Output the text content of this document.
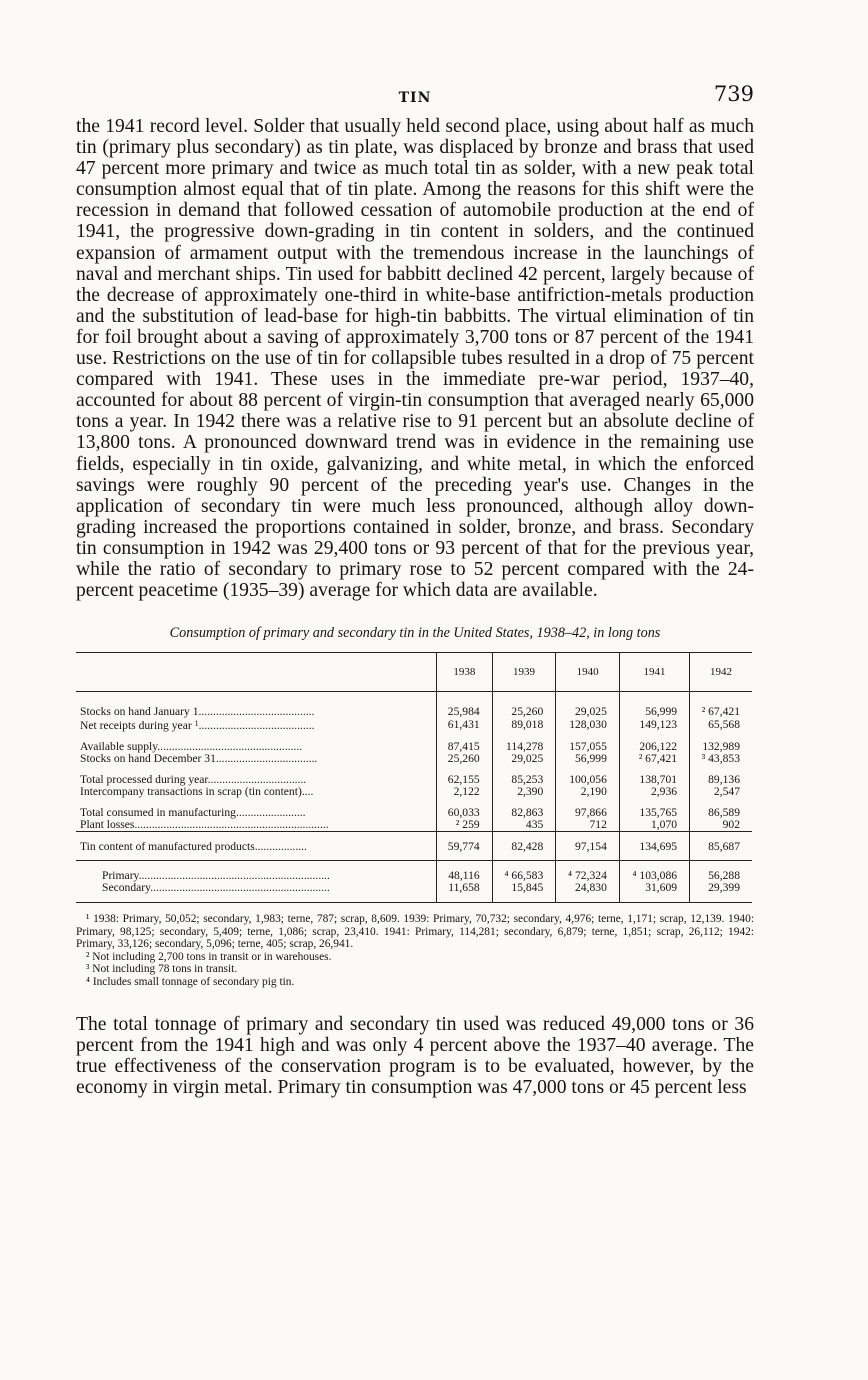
TIN	739

the 1941 record level. Solder that usually held second place, using about half as much tin (primary plus secondary) as tin plate, was displaced by bronze and brass that used 47 percent more primary and twice as much total tin as solder, with a new peak total consumption almost equal that of tin plate. Among the reasons for this shift were the recession in demand that followed cessation of automobile production at the end of 1941, the progressive down-grading in tin content in solders, and the continued expansion of armament output with the tremendous increase in the launchings of naval and merchant ships. Tin used for babbitt declined 42 percent, largely because of the decrease of approximately one-third in white-base antifriction-metals production and the substitution of lead-base for high-tin babbitts. The virtual elimination of tin for foil brought about a saving of approximately 3,700 tons or 87 percent of the 1941 use. Restrictions on the use of tin for collapsible tubes resulted in a drop of 75 percent compared with 1941. These uses in the immediate pre-war period, 1937–40, accounted for about 88 percent of virgin-tin consumption that averaged nearly 65,000 tons a year. In 1942 there was a relative rise to 91 percent but an absolute decline of 13,800 tons. A pronounced downward trend was in evidence in the remaining use fields, especially in tin oxide, galvanizing, and white metal, in which the enforced savings were roughly 90 percent of the preceding year's use. Changes in the application of secondary tin were much less pronounced, although alloy down-grading increased the proportions contained in solder, bronze, and brass. Secondary tin consumption in 1942 was 29,400 tons or 93 percent of that for the previous year, while the ratio of secondary to primary rose to 52 percent compared with the 24-percent peacetime (1935–39) average for which data are available.

Consumption of primary and secondary tin in the United States, 1938–42, in long tons
	1938	1939	1940	1941	1942
Stocks on hand January 1........................................	25,984	25,260	29,025	56,999	² 67,421
Net receipts during year $^1$........................................	61,431	89,018	128,030	149,123	65,568

Available supply..................................................	87,415	114,278	157,055	206,122	132,989
Stocks on hand December 31...................................	25,260	29,025	56,999	² 67,421	³ 43,853

Total processed during year..................................	62,155	85,253	100,056	138,701	89,136
Intercompany transactions in scrap (tin content)....	2,122	2,390	2,190	2,936	2,547

Total consumed in manufacturing........................	60,033	82,863	97,866	135,765	86,589
Plant losses...................................................................	² 259	435	712	1,070	902

Tin content of manufactured products..................	59,774	82,428	97,154	134,695	85,687

Primary..................................................................	48,116	⁴ 66,583	⁴ 72,324	⁴ 103,086	56,288
Secondary..............................................................	11,658	15,845	24,830	31,609	29,399

¹ 1938: Primary, 50,052; secondary, 1,983; terne, 787; scrap, 8,609. 1939: Primary, 70,732; secondary, 4,976; terne, 1,171; scrap, 12,139. 1940: Primary, 98,125; secondary, 5,409; terne, 1,086; scrap, 23,410. 1941: Primary, 114,281; secondary, 6,879; terne, 1,851; scrap, 26,112; 1942: Primary, 33,126; secondary, 5,096; terne, 405; scrap, 26,941.

² Not including 2,700 tons in transit or in warehouses.

³ Not including 78 tons in transit.

⁴ Includes small tonnage of secondary pig tin.

The total tonnage of primary and secondary tin used was reduced 49,000 tons or 36 percent from the 1941 high and was only 4 percent above the 1937–40 average. The true effectiveness of the conservation program is to be evaluated, however, by the economy in virgin metal. Primary tin consumption was 47,000 tons or 45 percent less
